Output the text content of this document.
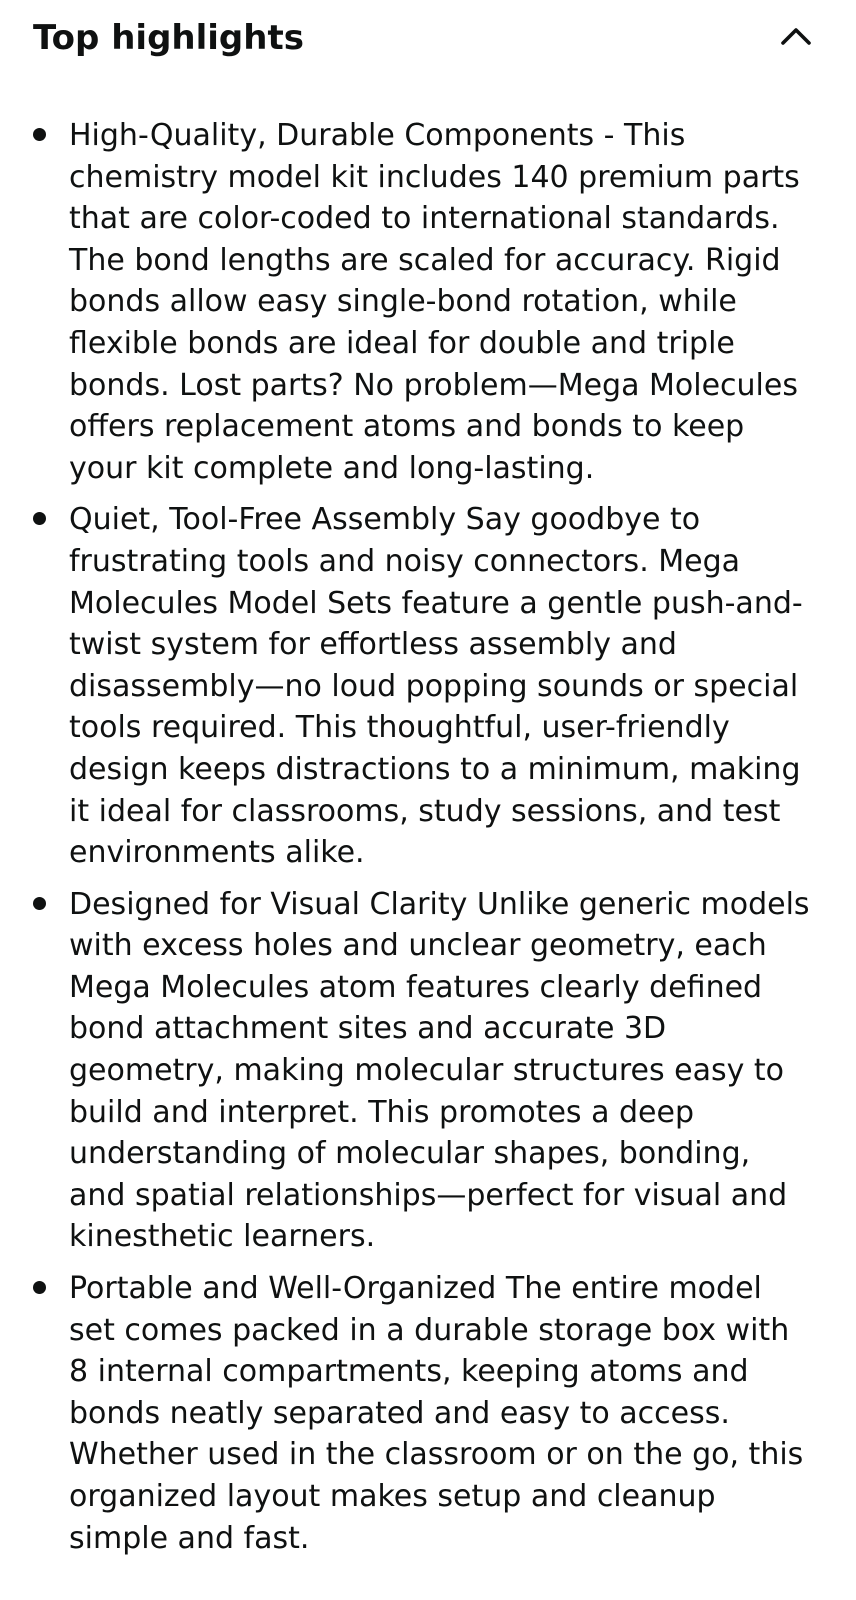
Top highlights
High-Quality, Durable Components - This chemistry model kit includes 140 premium parts that are color-coded to international standards. The bond lengths are scaled for accuracy. Rigid bonds allow easy single-bond rotation, while flexible bonds are ideal for double and triple bonds. Lost parts? No problem—Mega Molecules offers replacement atoms and bonds to keep your kit complete and long-lasting.
Quiet, Tool-Free Assembly Say goodbye to frustrating tools and noisy connectors. Mega Molecules Model Sets feature a gentle push-and-twist system for effortless assembly and disassembly—no loud popping sounds or special tools required. This thoughtful, user-friendly design keeps distractions to a minimum, making it ideal for classrooms, study sessions, and test environments alike.
Designed for Visual Clarity Unlike generic models with excess holes and unclear geometry, each Mega Molecules atom features clearly defined bond attachment sites and accurate 3D geometry, making molecular structures easy to build and interpret. This promotes a deep understanding of molecular shapes, bonding, and spatial relationships—perfect for visual and kinesthetic learners.
Portable and Well-Organized The entire model set comes packed in a durable storage box with 8 internal compartments, keeping atoms and bonds neatly separated and easy to access. Whether used in the classroom or on the go, this organized layout makes setup and cleanup simple and fast.
